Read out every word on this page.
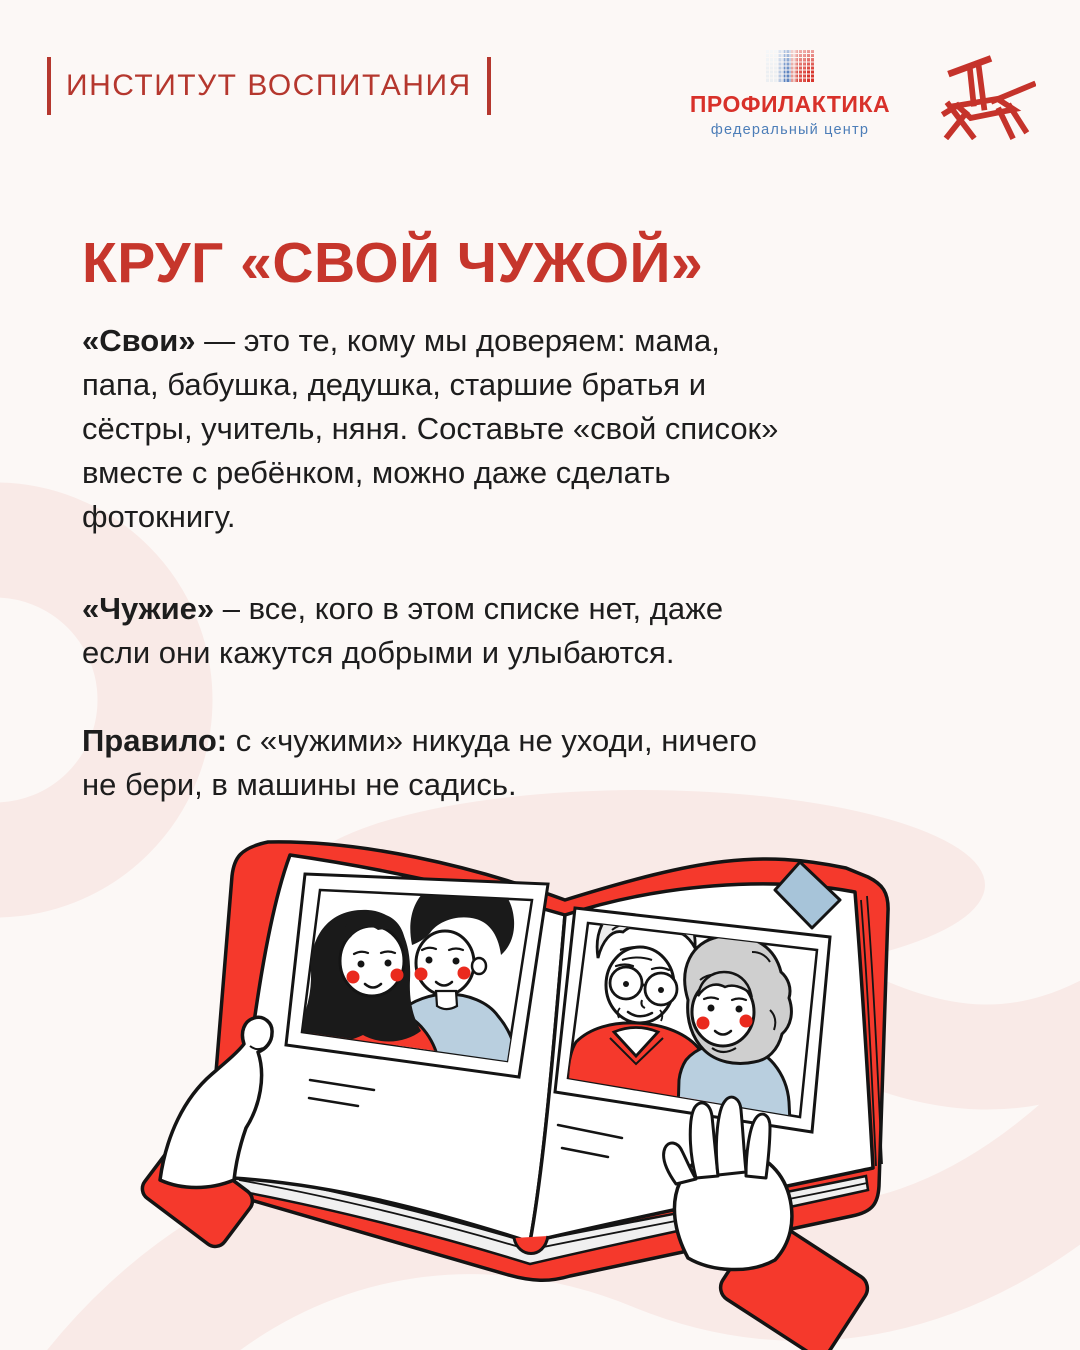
ИНСТИТУТ ВОСПИТАНИЯ
ПРОФИЛАКТИКА
федеральный центр
КРУГ «СВОЙ ЧУЖОЙ»

«Свои» — это те, кому мы доверяем: мама, папа, бабушка, дедушка, старшие братья и сёстры, учитель, няня. Составьте «свой список» вместе с ребёнком, можно даже сделать фотокнигу.

«Чужие» – все, кого в этом списке нет, даже если они кажутся добрыми и улыбаются.

Правило: с «чужими» никуда не уходи, ничего не бери, в машины не садись.
